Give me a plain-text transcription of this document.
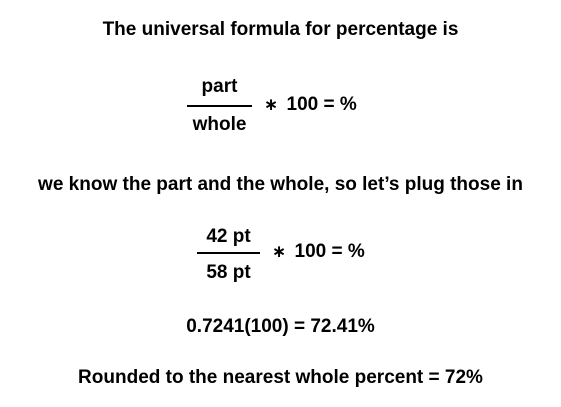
The universal formula for percentage is
part
whole
∗ 100 = %
we know the part and the whole, so let’s plug those in
42 pt
58 pt
∗ 100 = %
0.7241(100) = 72.41%
Rounded to the nearest whole percent = 72%
